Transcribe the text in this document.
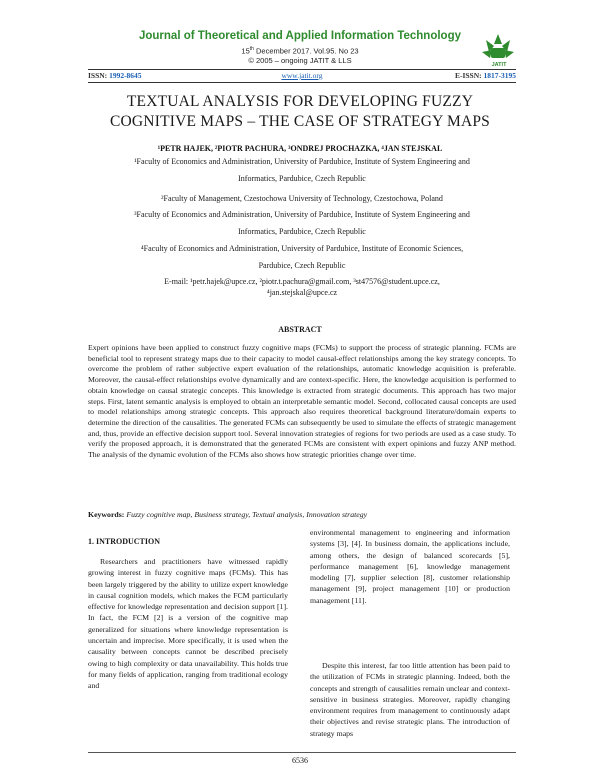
Journal of Theoretical and Applied Information Technology
15th December 2017. Vol.95. No 23
© 2005 – ongoing JATIT & LLS	JATIT
ISSN: 1992-8645	www.jatit.org	E-ISSN: 1817-3195
TEXTUAL ANALYSIS FOR DEVELOPING FUZZY
COGNITIVE MAPS – THE CASE OF STRATEGY MAPS
¹PETR HAJEK, ²PIOTR PACHURA, ³ONDREJ PROCHAZKA, ⁴JAN STEJSKAL
¹Faculty of Economics and Administration, University of Pardubice, Institute of System Engineering and
Informatics, Pardubice, Czech Republic
²Faculty of Management, Czestochowa University of Technology, Czestochowa, Poland
³Faculty of Economics and Administration, University of Pardubice, Institute of System Engineering and
Informatics, Pardubice, Czech Republic
⁴Faculty of Economics and Administration, University of Pardubice, Institute of Economic Sciences,
Pardubice, Czech Republic
E-mail: ¹petr.hajek@upce.cz, ²piotr.t.pachura@gmail.com, ³st47576@student.upce.cz,
⁴jan.stejskal@upce.cz
ABSTRACT
Expert opinions have been applied to construct fuzzy cognitive maps (FCMs) to support the process of strategic planning. FCMs are beneficial tool to represent strategy maps due to their capacity to model causal-effect relationships among the key strategy concepts. To overcome the problem of rather subjective expert evaluation of the relationships, automatic knowledge acquisition is preferable. Moreover, the causal-effect relationships evolve dynamically and are context-specific. Here, the knowledge acquisition is performed to obtain knowledge on causal strategic concepts. This knowledge is extracted from strategic documents. This approach has two major steps. First, latent semantic analysis is employed to obtain an interpretable semantic model. Second, collocated causal concepts are used to model relationships among strategic concepts. This approach also requires theoretical background literature/domain experts to determine the direction of the causalities. The generated FCMs can subsequently be used to simulate the effects of strategic management and, thus, provide an effective decision support tool. Several innovation strategies of regions for two periods are used as a case study. To verify the proposed approach, it is demonstrated that the generated FCMs are consistent with expert opinions and fuzzy ANP method. The analysis of the dynamic evolution of the FCMs also shows how strategic priorities change over time.
Keywords: Fuzzy cognitive map, Business strategy, Textual analysis, Innovation strategy
1. INTRODUCTION
Researchers and practitioners have witnessed rapidly growing interest in fuzzy cognitive maps (FCMs). This has been largely triggered by the ability to utilize expert knowledge in causal cognition models, which makes the FCM particularly effective for knowledge representation and decision support [1]. In fact, the FCM [2] is a version of the cognitive map generalized for situations where knowledge representation is uncertain and imprecise. More specifically, it is used when the causality between concepts cannot be described precisely owing to high complexity or data unavailability. This holds true for many fields of application, ranging from traditional ecology and
environmental management to engineering and information systems [3], [4]. In business domain, the applications include, among others, the design of balanced scorecards [5], performance management [6], knowledge management modeling [7], supplier selection [8], customer relationship management [9], project management [10] or production management [11].
Despite this interest, far too little attention has been paid to the utilization of FCMs in strategic planning. Indeed, both the concepts and strength of causalities remain unclear and context-sensitive in business strategies. Moreover, rapidly changing environment requires from management to continuously adapt their objectives and revise strategic plans. The introduction of strategy maps
6536
